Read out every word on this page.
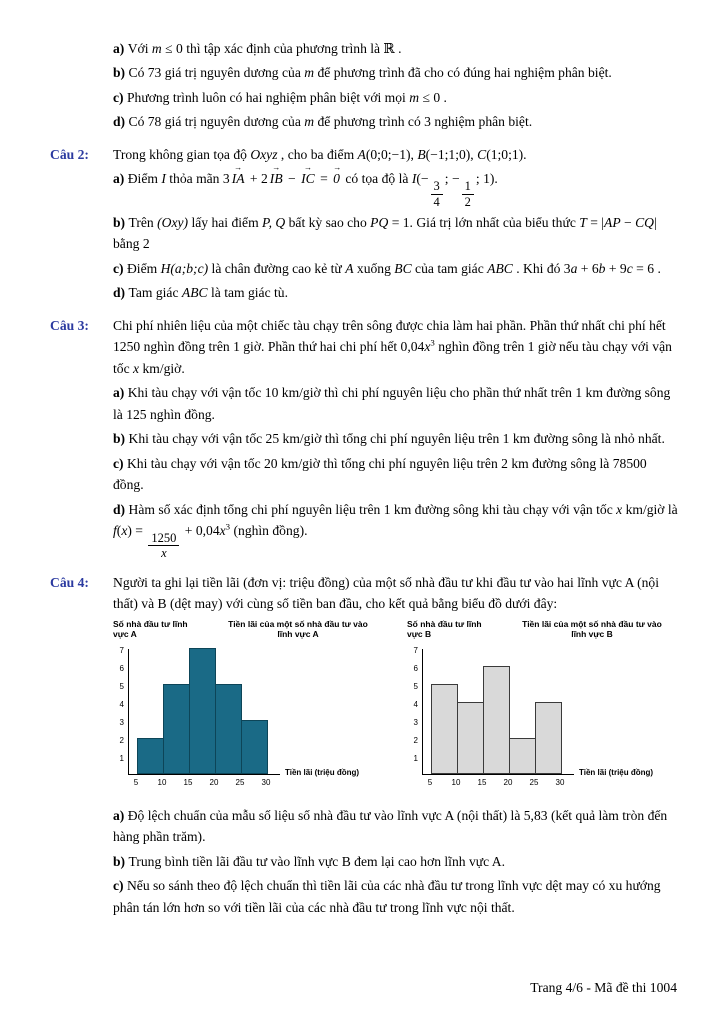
a) Với m ≤ 0 thì tập xác định của phương trình là ℝ .

b) Có 73 giá trị nguyên dương của m để phương trình đã cho có đúng hai nghiệm phân biệt.

c) Phương trình luôn có hai nghiệm phân biệt với mọi m ≤ 0 .

d) Có 78 giá trị nguyên dương của m để phương trình có 3 nghiệm phân biệt.

Câu 2:	Trong không gian tọa độ Oxyz , cho ba điểm A(0;0;−1), B(−1;1;0), C(1;0;1).

a) Điểm I thỏa mãn 3 IA → + 2 IB → − IC → = 0 → có tọa độ là I(−
$\frac{3}{4}$
; −
$\frac{1}{2}$
; 1).

b) Trên (Oxy) lấy hai điểm P, Q bất kỳ sao cho PQ = 1. Giá trị lớn nhất của biểu thức T = |AP − CQ| bằng 2

c) Điểm H(a;b;c) là chân đường cao kẻ từ A xuống BC của tam giác ABC . Khi đó 3a + 6b + 9c = 6 .

d) Tam giác ABC là tam giác tù.

Câu 3:	Chi phí nhiên liệu của một chiếc tàu chạy trên sông được chia làm hai phần. Phần thứ nhất chi phí hết 1250 nghìn đồng trên 1 giờ. Phần thứ hai chi phí hết $0,04x^3$ nghìn đồng trên 1 giờ nếu tàu chạy với vận tốc x km/giờ.

a) Khi tàu chạy với vận tốc 10 km/giờ thì chi phí nguyên liệu cho phần thứ nhất trên 1 km đường sông là 125 nghìn đồng.

b) Khi tàu chạy với vận tốc 25 km/giờ thì tổng chi phí nguyên liệu trên 1 km đường sông là nhỏ nhất.

c) Khi tàu chạy với vận tốc 20 km/giờ thì tổng chi phí nguyên liệu trên 2 km đường sông là 78500 đồng.

d) Hàm số xác định tổng chi phí nguyên liệu trên 1 km đường sông khi tàu chạy với vận tốc x km/giờ là f(x) =
$\frac{1250}{x}$
+ $0,04x^3$ (nghìn đồng).

Câu 4:	Người ta ghi lại tiền lãi (đơn vị: triệu đồng) của một số nhà đầu tư khi đầu tư vào hai lĩnh vực A (nội thất) và B (dệt may) với cùng số tiền ban đầu, cho kết quả bằng biểu đồ dưới đây:

Số nhà đầu tư lĩnh vực A
Tiền lãi của một số nhà đầu tư vào lĩnh vực A
1
2
3
4
5
6
7
5 10 15 20 25 30
Tiền lãi (triệu đồng)
Số nhà đầu tư lĩnh vực B
Tiền lãi của một số nhà đầu tư vào lĩnh vực B
1
2
3
4
5
6
7
5 10 15 20 25 30
Tiền lãi (triệu đồng)

a) Độ lệch chuẩn của mẫu số liệu số nhà đầu tư vào lĩnh vực A (nội thất) là 5,83 (kết quả làm tròn đến hàng phần trăm).

b) Trung bình tiền lãi đầu tư vào lĩnh vực B đem lại cao hơn lĩnh vực A.

c) Nếu so sánh theo độ lệch chuẩn thì tiền lãi của các nhà đầu tư trong lĩnh vực dệt may có xu hướng phân tán lớn hơn so với tiền lãi của các nhà đầu tư trong lĩnh vực nội thất.

Trang 4/6 - Mã đề thi 1004
